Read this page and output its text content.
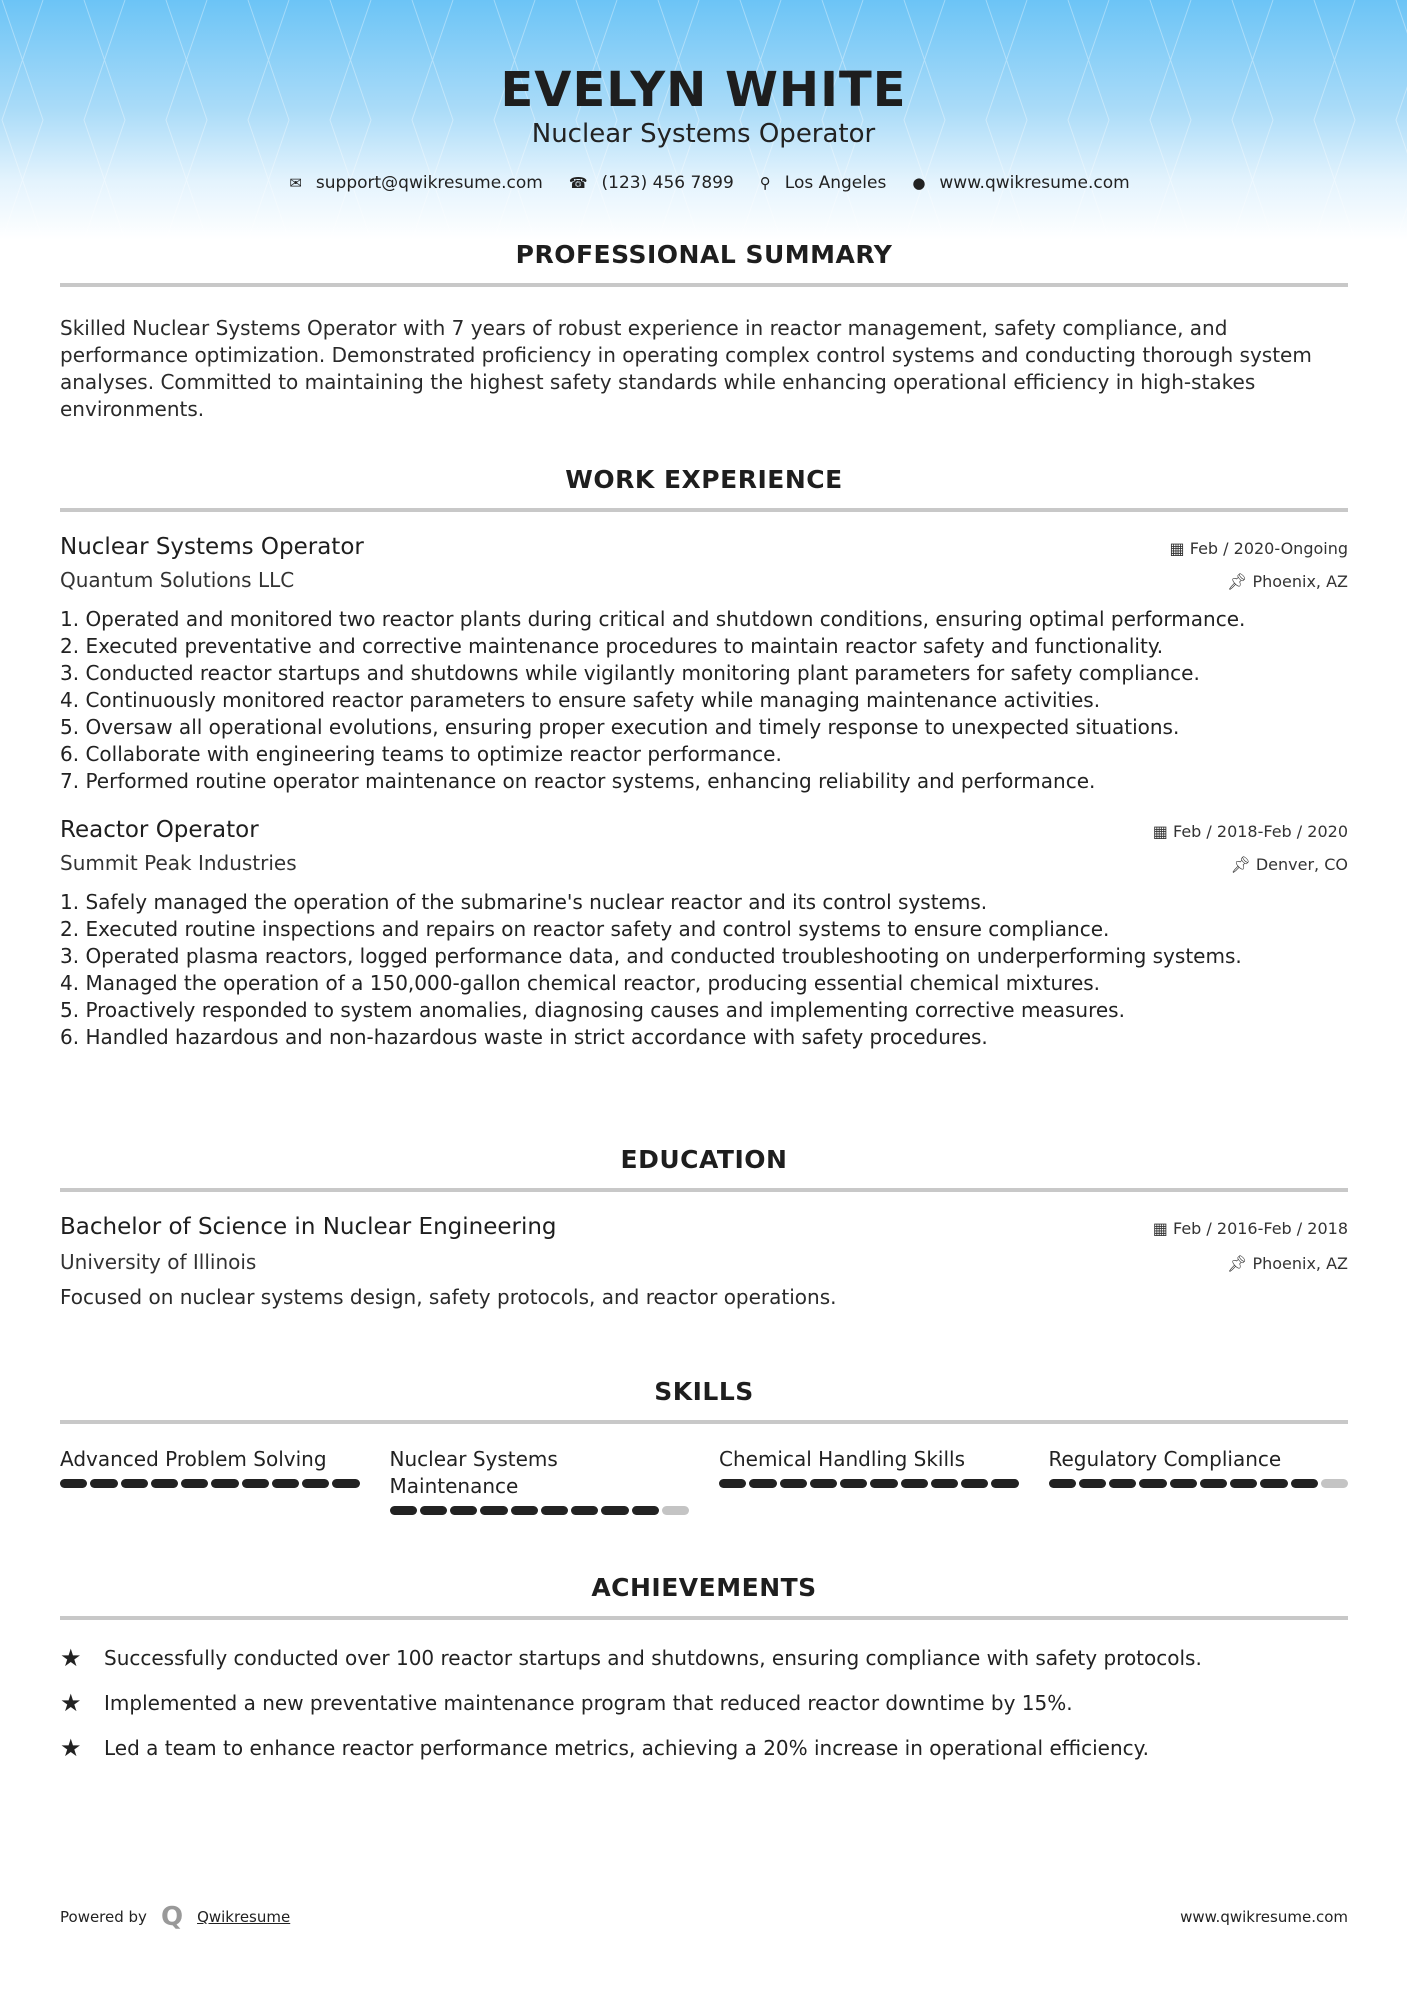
EVELYN WHITE
Nuclear Systems Operator
✉ support@qwikresume.com ☎ (123) 456 7899 ⚲ Los Angeles ● www.qwikresume.com
PROFESSIONAL SUMMARY
Skilled Nuclear Systems Operator with 7 years of robust experience in reactor management, safety compliance, and performance optimization. Demonstrated proficiency in operating complex control systems and conducting thorough system analyses. Committed to maintaining the highest safety standards while enhancing operational efficiency in high-stakes environments.
WORK EXPERIENCE
Nuclear Systems Operator	▦ Feb / 2020-Ongoing
Quantum Solutions LLC	📌︎ Phoenix, AZ
1. Operated and monitored two reactor plants during critical and shutdown conditions, ensuring optimal performance.
2. Executed preventative and corrective maintenance procedures to maintain reactor safety and functionality.
3. Conducted reactor startups and shutdowns while vigilantly monitoring plant parameters for safety compliance.
4. Continuously monitored reactor parameters to ensure safety while managing maintenance activities.
5. Oversaw all operational evolutions, ensuring proper execution and timely response to unexpected situations.
6. Collaborate with engineering teams to optimize reactor performance.
7. Performed routine operator maintenance on reactor systems, enhancing reliability and performance.
Reactor Operator	▦ Feb / 2018-Feb / 2020
Summit Peak Industries	📌︎ Denver, CO
1. Safely managed the operation of the submarine's nuclear reactor and its control systems.
2. Executed routine inspections and repairs on reactor safety and control systems to ensure compliance.
3. Operated plasma reactors, logged performance data, and conducted troubleshooting on underperforming systems.
4. Managed the operation of a 150,000-gallon chemical reactor, producing essential chemical mixtures.
5. Proactively responded to system anomalies, diagnosing causes and implementing corrective measures.
6. Handled hazardous and non-hazardous waste in strict accordance with safety procedures.
EDUCATION
Bachelor of Science in Nuclear Engineering	▦ Feb / 2016-Feb / 2018
University of Illinois	📌︎ Phoenix, AZ
Focused on nuclear systems design, safety protocols, and reactor operations.
SKILLS
Advanced Problem Solving	Nuclear Systems Maintenance
Chemical Handling Skills	Regulatory Compliance
ACHIEVEMENTS
★	Successfully conducted over 100 reactor startups and shutdowns, ensuring compliance with safety protocols.
★	Implemented a new preventative maintenance program that reduced reactor downtime by 15%.
★	Led a team to enhance reactor performance metrics, achieving a 20% increase in operational efficiency.
Powered by Q Qwikresume	www.qwikresume.com
